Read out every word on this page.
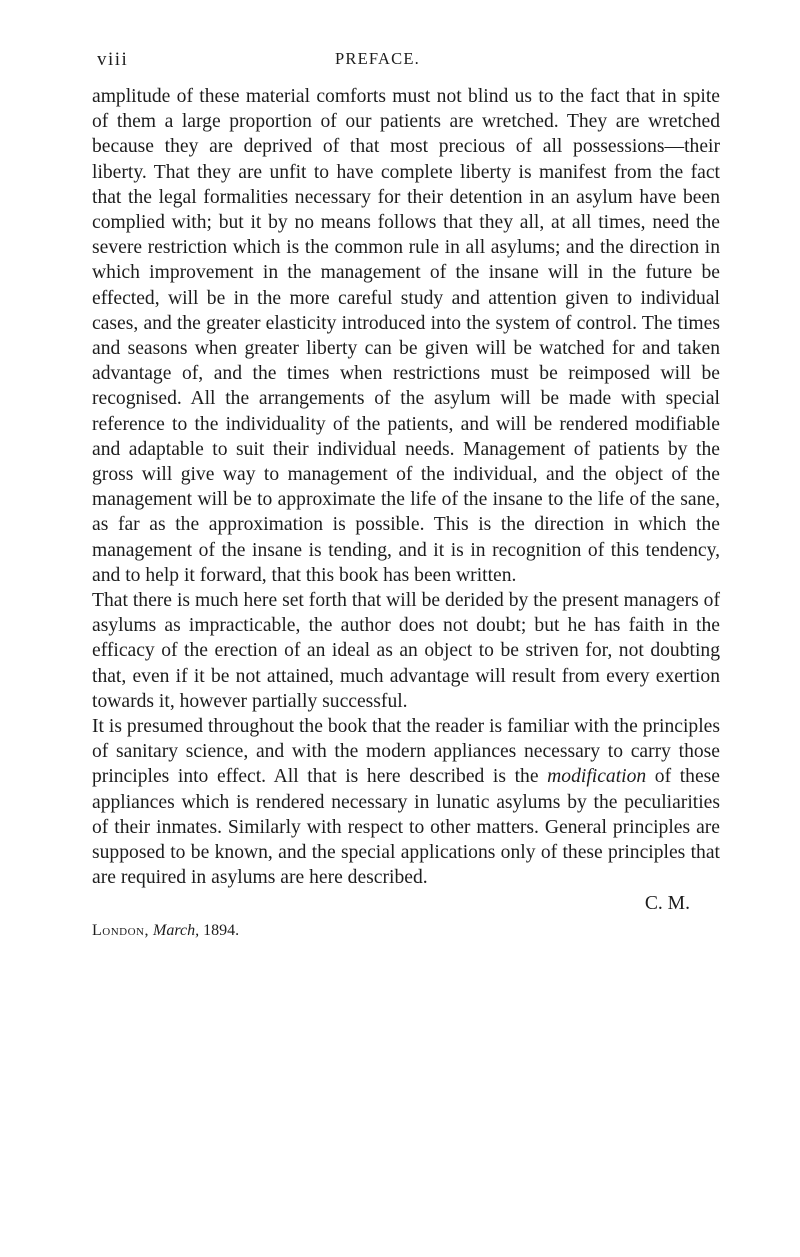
viii	PREFACE.

amplitude of these material comforts must not blind us to the fact that in spite of them a large proportion of our patients are wretched. They are wretched because they are deprived of that most precious of all possessions—their liberty. That they are unfit to have complete liberty is manifest from the fact that the legal formalities necessary for their detention in an asylum have been complied with; but it by no means follows that they all, at all times, need the severe restriction which is the common rule in all asylums; and the direction in which improvement in the management of the insane will in the future be effected, will be in the more careful study and attention given to individual cases, and the greater elasticity introduced into the system of control. The times and seasons when greater liberty can be given will be watched for and taken advantage of, and the times when restrictions must be reimposed will be recognised. All the arrangements of the asylum will be made with special reference to the individuality of the patients, and will be rendered modifiable and adaptable to suit their individual needs. Management of patients by the gross will give way to management of the individual, and the object of the management will be to approximate the life of the insane to the life of the sane, as far as the approximation is possible. This is the direction in which the management of the insane is tending, and it is in recognition of this tendency, and to help it forward, that this book has been written.

That there is much here set forth that will be derided by the present managers of asylums as impracticable, the author does not doubt; but he has faith in the efficacy of the erection of an ideal as an object to be striven for, not doubting that, even if it be not attained, much advantage will result from every exertion towards it, however partially successful.

It is presumed throughout the book that the reader is familiar with the principles of sanitary science, and with the modern appliances necessary to carry those principles into effect. All that is here described is the modification of these appliances which is rendered necessary in lunatic asylums by the peculiarities of their inmates. Similarly with respect to other matters. General principles are supposed to be known, and the special applications only of these principles that are required in asylums are here described.

C. M.

London, March, 1894.
